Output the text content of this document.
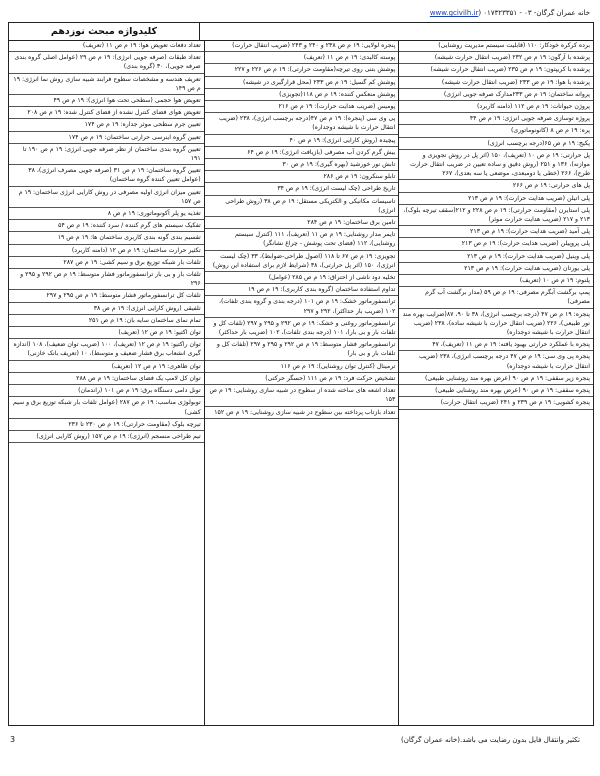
www.gcivilh.irخانه عمران گرگان- ۰۳ - ۰۱۷۳۲۳۳۵۱ (
کلیدواژه مبحث نوزدهم
برده کرکره خودکار: ۱۱۰ (قابلیت سیستم مدیریت روشنایی)
پرشده با آرگون: ۱۹ م ص ۲۳۲ (ضریب انتقال حرارت شیشه)
پرشده با کریپتون: ۱۹ م ص ۲۳۵ (ضریب انتقال حرارت شیشه)
پرشده با هوا: ۱۹ م ص ۲۳۳ (ضریب انتقال حرارت شیشه)
پروانه ساختمان: ۱۹ م ص ۲۳۳مدارک صرفه جویی انرژی)
پروژن حیوانات: ۱۹ م ص ۱۱۲ (دامنه کاربرد)
پروژه توسازی صرفه جویی انرژی: ۱۹ م ص ۴۴
پره: ۱۹ م ص ۸ (کانونوماتوری)
پکیج: ۱۹ م ص ۶۵(درجه برچسب انرژی)
پل حرارتی: ۱۹ م ص ۱۰ (تعریف)، ۱۵۰ (اثر پل در روش تجویزی و موازنه)، ۱۳۶ و ۲۵۱ (روش دقیق و ساده تعیین در ضریب انتقال حرارت طرح)، ۲۶۶ (خطی یا دومبعدی، موضعی یا سه بعدی)، ۲۶۷
پل های حرارتی: ۱۹ م ص ۲۶۶
پلی اتیلن (ضریب هدایت حرارت): ۱۹ م ص ۲۱۳
پلی استایرن (مقاومت حرارتی): ۱۹ م ص ۲۲۸ و ۲۱۲(سقف تیرچه بلوک)، ۲۱۳ و ۲۱۷ (ضریب هدایت حرارت موثر)
پلی آمید (ضریب هدایت حرارت): ۱۹ م ص ۲۱۳
پلی پروپیلن (ضریب هدایت حرارت): ۱۹ م ص ۲۱۳
پلی وینیل (ضریب هدایت حرارت): ۱۹ م ص ۲۱۳
پلی یورتان (ضریب هدایت حرارت): ۱۹ م ص ۲۱۳
پلنوم: ۱۹ م ص ۱۰ (تعریف)
پمپ برگشت آبگرم مصرفی: ۱۹ م ص ۵۹ (مدار برگشت آب گرم مصرفی)
پنجره: ۱۹ م ص ۴۷ (درجه برچسب انرژی)، ۳۸ تا ۹۰، ۸۷(ضرایب بهره مند نور طبیعی)، ۲۲۶ (ضریب انتقال حرارت با شیشه ساده)، ۲۳۸ (ضریب انتقال حرارت با شیشه دوجداره)
پنجره با عملکرد حرارتی بهبود یافته: ۱۹ م ص ۱۱ (تعریف)، ۴۷
پنجره پی وی سی: ۱۹ م ص ۴۷ درجه برچسب انرژی)، ۲۳۸ (ضریب انتقال حرارت با شیشه دوجداره)
پنجره زیر سقفی: ۱۹ م ص ۹۰ (عرض بهره مند روشنایی طبیعی)
پنجره سقفی: ۱۹ م ص ۹۰ (عرض بهره مند روشنایی طبیعی)
پنجره کشویی: ۱۹ م ص ۲۳۹ و ۲۴۱ (ضریب انتقال حرارت)
پنجره لولایی: ۱۹ م ص ۲۳۸ و ۲۴۰ و ۲۴۳ (ضریب انتقال حرارت)
پوسته کالبدی: ۱۹ م ص ۱۱ (تعریف)
پوشش بتنی روی تیرچه(مقاومت حرارتی): ۱۹ م ص ۲۲۶ و ۲۲۷
پوشش کم گسیل: ۱۹ م ص ۲۳۳ (محل قرارگیری در شیشه)
پوشش منعکس کننده: ۱۹ م ص ۱۱۸(تجویزی)
پومیس (ضریب هدایت حرارت): ۱۹ م ص ۲۱۶
پی وی سی (پنجره): ۱۹ م ص ۴۷(درجه برچسب انرژی)، ۲۳۸ (ضریب انتقال حرارت با شیشه دوجداره)
پیچیده (روش کارایی انرژی): ۱۹ م ص ۴۰
بیش گرم کردن آب مصرفی (بازیافت انرژی): ۱۹ م ص ۶۴
تابش نور خورشید (بهره گیری): ۱۹ م ص ۳۰
تابلو سنکرون: ۱۹ م ص ۲۸۶
تاریخ طراحی (چک لیست انرژی): ۱۹ م ص ۳۴
تاسیسات مکانیکی و الکتریکی مستقل: ۱۹ م ص ۳۸ (روش طراحی انرژی)
تامین برق ساختمان: ۱۹ م ص ۲۸۴
تایمر مدار روشنایی: ۱۹ م ص ۱۱ (تعریف)، ۱۱۱ (کنترل سیستم روشنایی)، ۱۱۲ (فضای تحت پوشش - چراغ نشانگر)
تجویزی: ۱۹ م ص ۶۷ تا ۱۱۸ (اصول طراحی-ضوابط)، ۳۳ (چک لیست انرژی)، ۱۵۰ (اثر پل حرارتی)، ۳۸ (شرایط لازم برای استفاده این روش)
تخلیه دود ناشی از احتراق: ۱۹ م ص ۲۸۵ (عوامل)
تداوم استفاده ساختمان (گروه بندی کاربری): ۱۹ م ص ۱۹
ترانسفورماتور خشک: ۱۹ م ص ۱۰۱ (درجه بندی و گروه بندی تلفات)، ۱۰۲ (ضریب بار حداکثر)، ۲۹۲ و ۲۹۷
ترانسفورماتور روغنی و خشک: ۱۹ م ص ۲۹۲ و ۲۹۵ و ۲۹۷ (تلفات کل و تلفات بار و بی بار)، ۱۰۱ (درجه بندی تلفات)، ۱۰۲ (ضریب بار حداکثر)
ترانسفورماتور فشار متوسط: ۱۹ م ص ۲۹۲ و ۲۹۵ و ۲۹۷ (تلفات کل و تلفات بار و بی بار)
ترمینال (کنترل توان روشنایی): ۱۹ م ص ۱۱۶
تشخیص حرکت فرد: ۱۹ م ص ۱۱۱ (حسگر حرکتی)
تعداد اشعه های ساخته شده از سطوح در شبیه سازی روشنایی: ۱۹ م ص ۱۵۳
تعداد بازتاب پرداخته بین سطوح در شبیه سازی روشنایی: ۱۹ م ص ۱۵۲
تعداد دفعات تعویض هوا: ۱۹ م ص ۱۱ (تعریف)
تعداد طبقات (صرفه جویی انرژی): ۱۹ م ص ۲۹ (عوامل اصلی گروه بندی صرفه جویی)، ۳۰ (گروه بندی)
تعریف هندسه و مشخصات سطوح فرابند شبیه سازی روش نما انرژی: ۱۹ م ص ۱۴۹
تعویض هوا حجمی (سطحی تحت هوا انرژی): ۱۹ م ص ۴۹
تعویض هوای فضای کنترل نشده از فضای کنترل شده: ۱۹ م ص ۲۰۸
تعیین جرم سطحی موثر جداره: ۱۹ م ص ۱۷۴
تعیین گروه اینرسی حرارتی ساختمان: ۱۹ م ص ۱۷۴
تعیین گروه بندی ساختمان از نظر صرفه جویی انرژی: ۱۹ م ص ۱۹۰ تا ۱۹۱
تعیین گروه ساختمان: ۱۹ م ص ۳۱ (صرفه جویی مصرف انرژی)، ۳۸ (عوامل تعیین کننده گروه ساختمان)
تعیین میزان انرژی اولیه مصرفی در روش کارایی انرژی ساختمان: ۱۹ م ص ۱۵۷
تغذیه یو پلر آکونوماتوری: ۱۹ م ص ۸
تفکیک سیستم های گرم کننده / سرد کننده: ۱۹ م ص ۵۴
تقسیم بندی گونه بندی کاربری ساختمان ها: ۱۹ م ص ۱۹
تکثیر حرارت ساختمان: ۱۹ م ص ۱۲ (دامنه کاربرد)
تلفات بار شبکه توزیع برق و سیم کشی: ۱۹ م ص ۲۸۷
تلفات بار و بی بار ترانسفورماتور فشار متوسط: ۱۹ م ص ۲۹۲ و ۲۹۵ و ۲۹۶
تلفات کل ترانسفورماتور فشار متوسط: ۱۹ م ص ۲۹۵ و ۲۹۷
تلفیقی (روش کارایی انرژی): ۱۹ م ص ۳۸
تمام نمای ساختمان سایه بان: ۱۹ م ص ۲۵۱
توان اکتیو: ۱۹ م ص ۱۲ (تعریف)
توان راکتیو: ۱۹ م ص ۱۲ (تعریف)، ۱۰۰ (ضریب توان ضعیف)، ۱۰۸ (اندازه گیری انشعاب برق فشار ضعیف و متوسط)، ۱۰ (تعریف بانک خازنی)
توان ظاهری: ۱۹ م ص ۱۲ (تعریف)
توان کل لامپ یک فضای ساختمان: ۱۹ م ص ۲۸۸
تونل دامی دستگاه برق: ۱۹ م ص ۱۰۱ (راندمان)
توبولوژی مناسب: ۱۹ م ص ۲۸۷ (عوامل تلفات بار شبکه توزیع برق و سیم کشی)
تیرچه بلوک (مقاومت حرارتی): ۱۹ م ص ۲۳۰ تا ۲۳۶
تیم طراحی منسجم (انرژی): ۱۹ م ص ۱۵۷ (روش کارایی انرژی)
تکثیر وانتقال فایل بدون رضایت می باشد.(خانه عمران گرگان)
3
